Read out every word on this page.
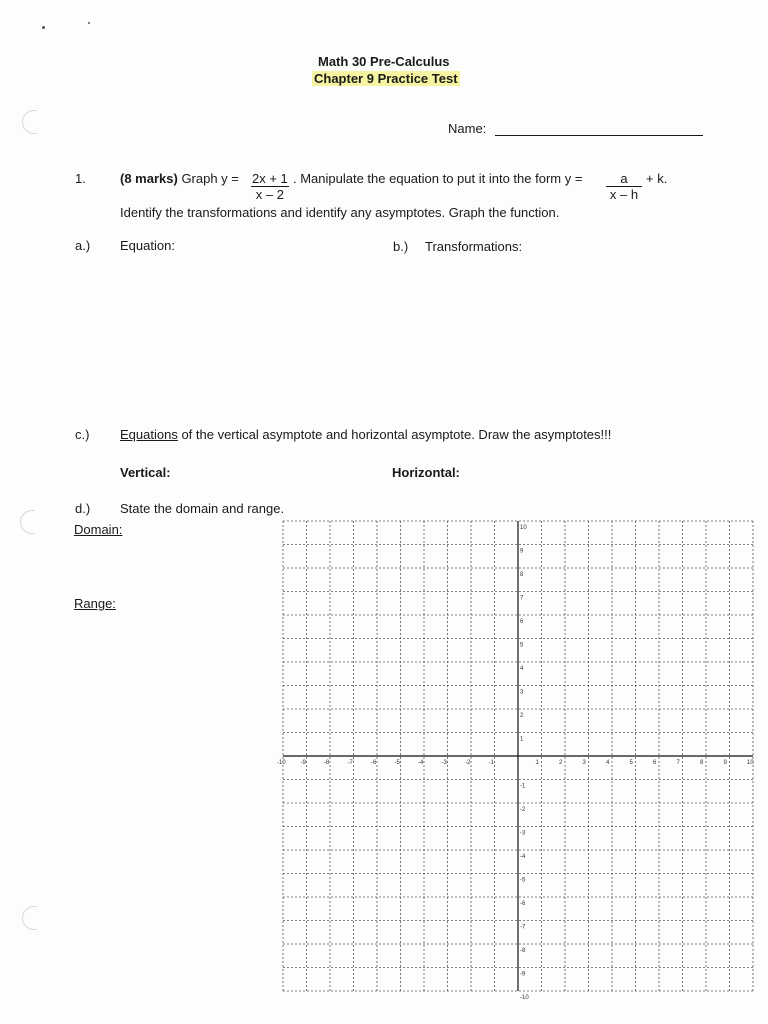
Math 30 Pre-Calculus
Chapter 9 Practice Test
Name:
1.	(8 marks) Graph $y = \frac{2x + 1}{x - 2}$ . Manipulate the equation to put it into the form $y = \frac{a}{x - h} + k$.
Identify the transformations and identify any asymptotes. Graph the function.
a.) Equation:	b.) Transformations:
c.) Equations of the vertical asymptote and horizontal asymptote. Draw the asymptotes!!!
Vertical:	Horizontal:
d.) State the domain and range.
Domain:
Range:
-10 -9	-8	-7	-6	-5	-4	-3	-2	-1	1	2	3	4	5	6	7	8	9	10
10
9
8
7
6
5
4
3
2
1
-1
-2
-3
-4
-5
-6
-7
-8
-9
-10
